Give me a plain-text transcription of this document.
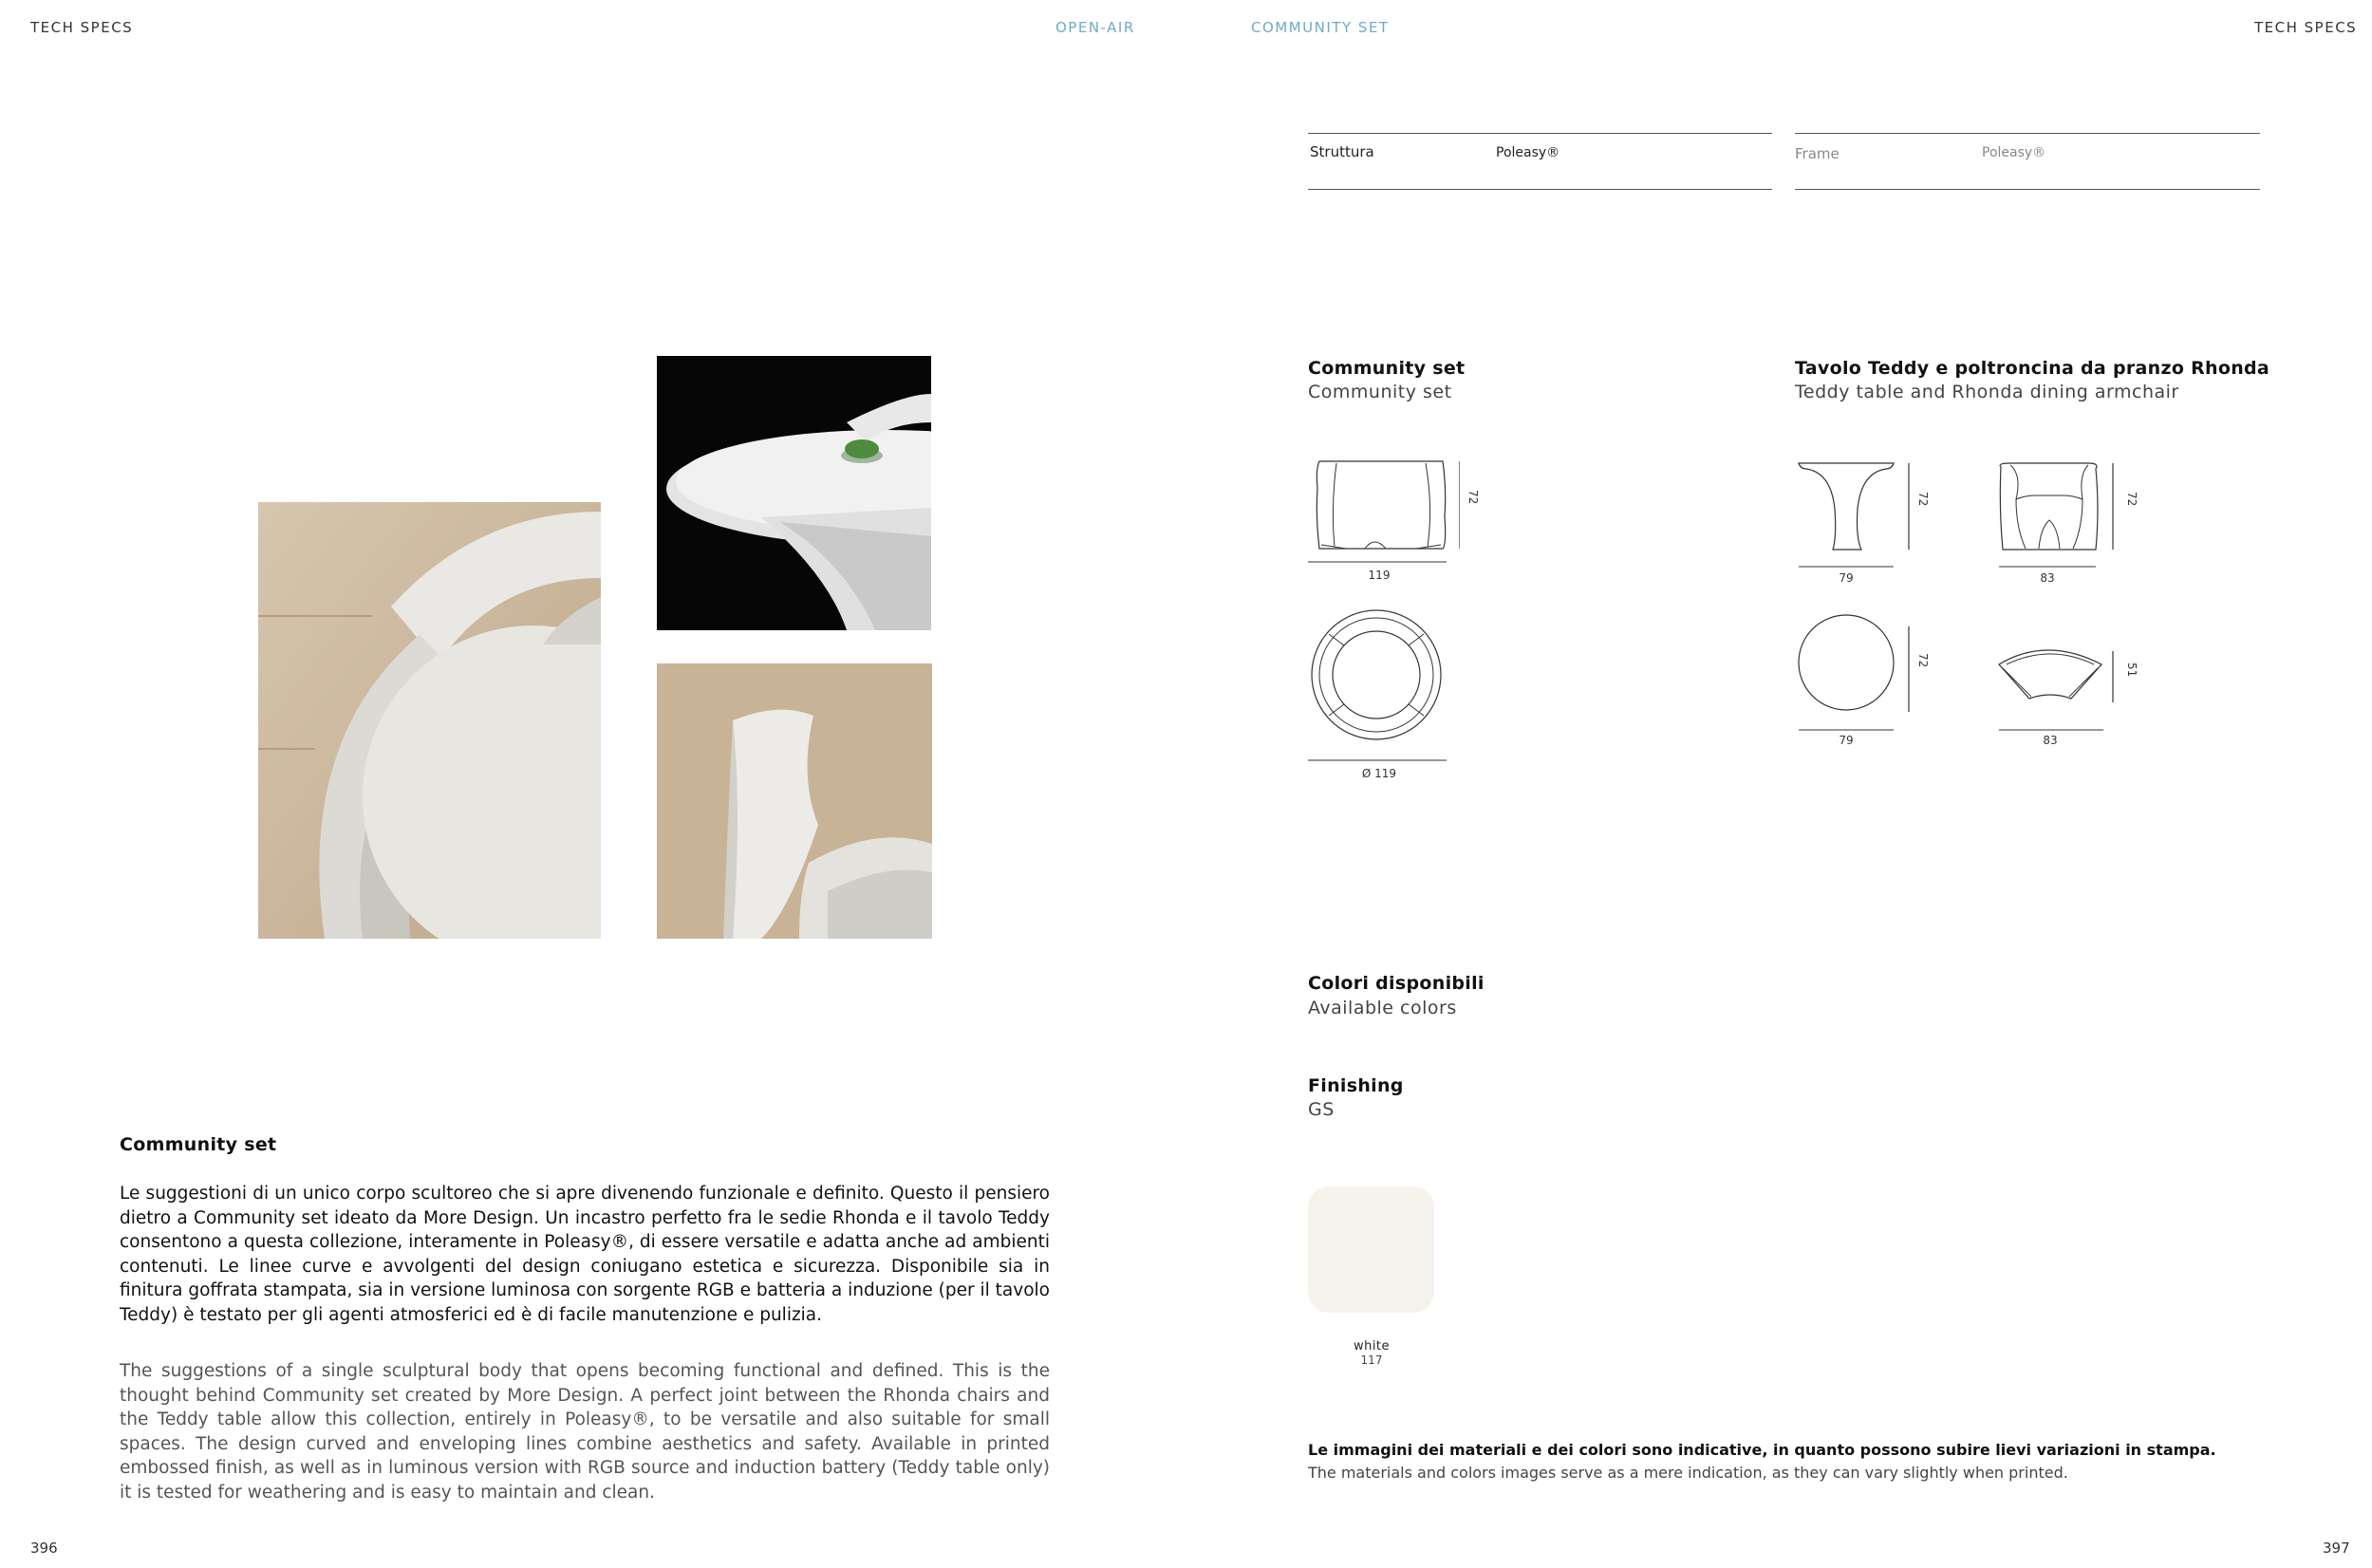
TECH SPECS	OPEN-AIR	COMMUNITY SET	TECH SPECS
Struttura	Poleasy®	Frame	Poleasy®
Community set
Community set
72
119
Ø 119
Tavolo Teddy e poltroncina da pranzo Rhonda
Teddy table and Rhonda dining armchair
72
79
72
83
72
79
51
83
Colori disponibili
Available colors
Finishing
GS
white
117
Le immagini dei materiali e dei colori sono indicative, in quanto possono subire lievi variazioni in stampa.
The materials and colors images serve as a mere indication, as they can vary slightly when printed.
Community set
Le suggestioni di un unico corpo scultoreo che si apre divenendo funzionale e definito. Questo il pensiero dietro a Community set ideato da More Design. Un incastro perfetto fra le sedie Rhonda e il tavolo Teddy consentono a questa collezione, interamente in Poleasy®, di essere versatile e adatta anche ad ambienti contenuti. Le linee curve e avvolgenti del design coniugano estetica e sicurezza. Disponibile sia in finitura goffrata stampata, sia in versione luminosa con sorgente RGB e batteria a induzione (per il tavolo Teddy) è testato per gli agenti atmosferici ed è di facile manutenzione e pulizia.
The suggestions of a single sculptural body that opens becoming functional and defined. This is the thought behind Community set created by More Design. A perfect joint between the Rhonda chairs and the Teddy table allow this collection, entirely in Poleasy®, to be versatile and also suitable for small spaces. The design curved and enveloping lines combine aesthetics and safety. Available in printed embossed finish, as well as in luminous version with RGB source and induction battery (Teddy table only) it is tested for weathering and is easy to maintain and clean.
396	397
